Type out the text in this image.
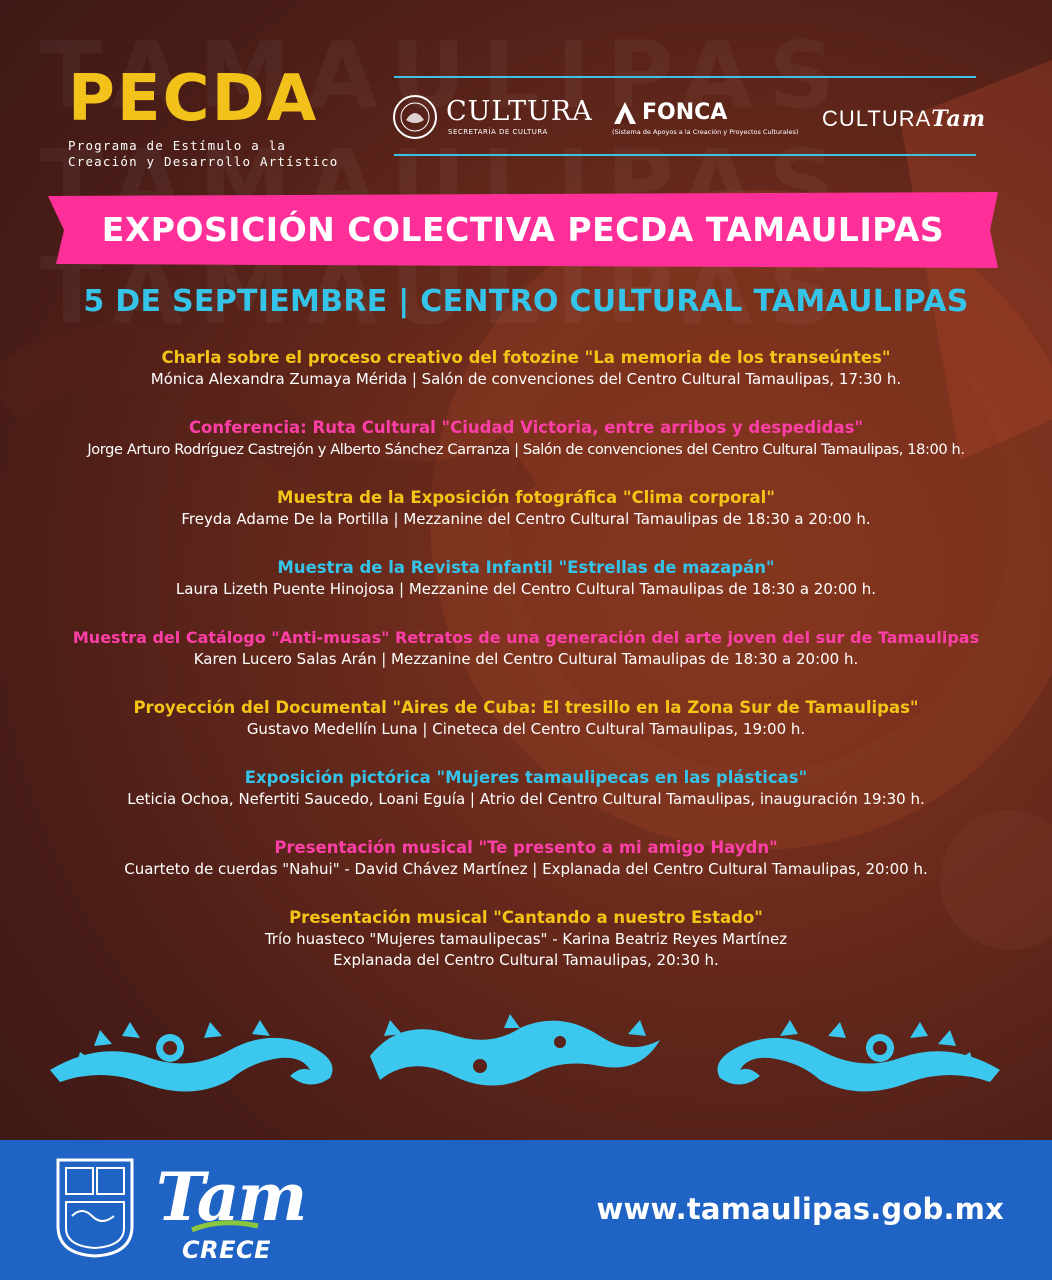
PECDA
Programa de Estímulo a la
Creación y Desarrollo Artístico
CULTURA
SECRETARÍA DE CULTURA
FONCA
(Sistema de Apoyos a la Creación y Proyectos Culturales)
CULTURATam
EXPOSICIÓN COLECTIVA PECDA TAMAULIPAS
5 DE SEPTIEMBRE | CENTRO CULTURAL TAMAULIPAS
Charla sobre el proceso creativo del fotozine "La memoria de los transeúntes"
Mónica Alexandra Zumaya Mérida | Salón de convenciones del Centro Cultural Tamaulipas, 17:30 h.
Conferencia: Ruta Cultural "Ciudad Victoria, entre arribos y despedidas"
Jorge Arturo Rodríguez Castrejón y Alberto Sánchez Carranza | Salón de convenciones del Centro Cultural Tamaulipas, 18:00 h.
Muestra de la Exposición fotográfica "Clima corporal"
Freyda Adame De la Portilla | Mezzanine del Centro Cultural Tamaulipas de 18:30 a 20:00 h.
Muestra de la Revista Infantil "Estrellas de mazapán"
Laura Lizeth Puente Hinojosa | Mezzanine del Centro Cultural Tamaulipas de 18:30 a 20:00 h.
Muestra del Catálogo "Anti-musas" Retratos de una generación del arte joven del sur de Tamaulipas
Karen Lucero Salas Arán | Mezzanine del Centro Cultural Tamaulipas de 18:30 a 20:00 h.
Proyección del Documental "Aires de Cuba: El tresillo en la Zona Sur de Tamaulipas"
Gustavo Medellín Luna | Cineteca del Centro Cultural Tamaulipas, 19:00 h.
Exposición pictórica "Mujeres tamaulipecas en las plásticas"
Leticia Ochoa, Nefertiti Saucedo, Loani Eguía | Atrio del Centro Cultural Tamaulipas, inauguración 19:30 h.
Presentación musical "Te presento a mi amigo Haydn"
Cuarteto de cuerdas "Nahui" - David Chávez Martínez | Explanada del Centro Cultural Tamaulipas, 20:00 h.
Presentación musical "Cantando a nuestro Estado"
Trío huasteco "Mujeres tamaulipecas" - Karina Beatriz Reyes Martínez
Explanada del Centro Cultural Tamaulipas, 20:30 h.
Tam
CRECE
www.tamaulipas.gob.mx
